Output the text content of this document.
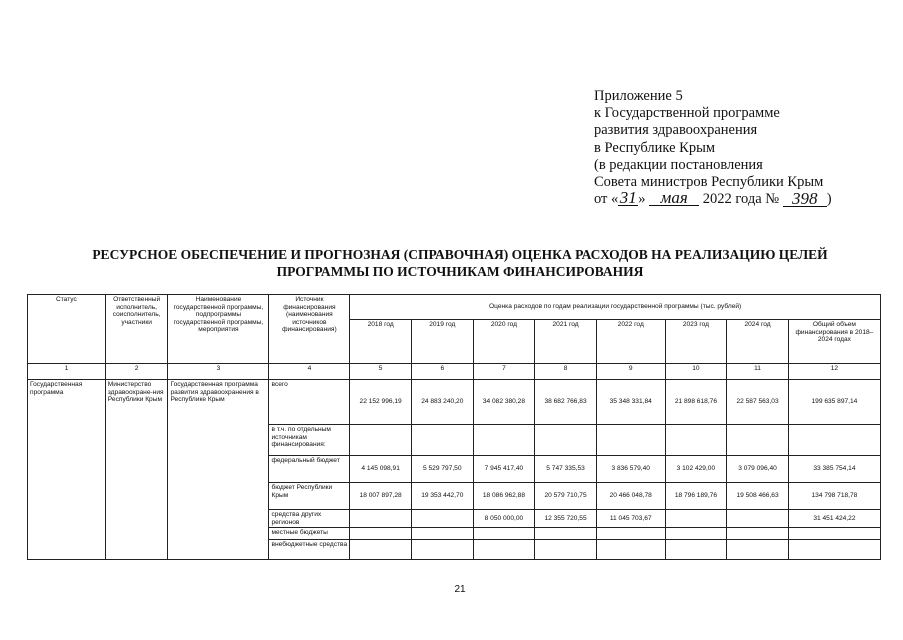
Приложение 5
к Государственной программе
развития здравоохранения
в Республике Крым
(в редакции постановления
Совета министров Республики Крым
от «31 » мая 2022 года № 398 )
РЕСУРСНОЕ ОБЕСПЕЧЕНИЕ И ПРОГНОЗНАЯ (СПРАВОЧНАЯ) ОЦЕНКА РАСХОДОВ НА РЕАЛИЗАЦИЮ ЦЕЛЕЙ
ПРОГРАММЫ ПО ИСТОЧНИКАМ ФИНАНСИРОВАНИЯ
Статус	Ответственный исполнитель, соисполнитель, участники	Наименование государственной программы, подпрограммы государственной программы, мероприятия	Источник финансирования (наименования источников финансирования)	Оценка расходов по годам реализации государственной программы (тыс. рублей)							
				2018 год	2019 год	2020 год	2021 год	2022 год	2023 год	2024 год	Общий объем финансирования в 2018–2024 годах
1	2	3	4	5	6	7	8	9	10	11	12
Государственная программа	Министерство здравоохране-ния Республики Крым	Государственная программа развития здравоохранения в Республике Крым	всего	22 152 996,19	24 883 240,20	34 082 380,28	38 682 766,83	35 348 331,84	21 898 618,76	22 587 563,03	199 635 897,14
			в т.ч. по отдельным источникам финансирования:								
			федеральный бюджет	4 145 098,91	5 529 797,50	7 945 417,40	5 747 335,53	3 836 579,40	3 102 429,00	3 079 096,40	33 385 754,14
			бюджет Республики Крым	18 007 897,28	19 353 442,70	18 086 962,88	20 579 710,75	20 466 048,78	18 796 189,76	19 508 466,63	134 798 718,78
			средства других регионов			8 050 000,00	12 355 720,55	11 045 703,67			31 451 424,22
			местные бюджеты								
			внебюджетные средства								
21
